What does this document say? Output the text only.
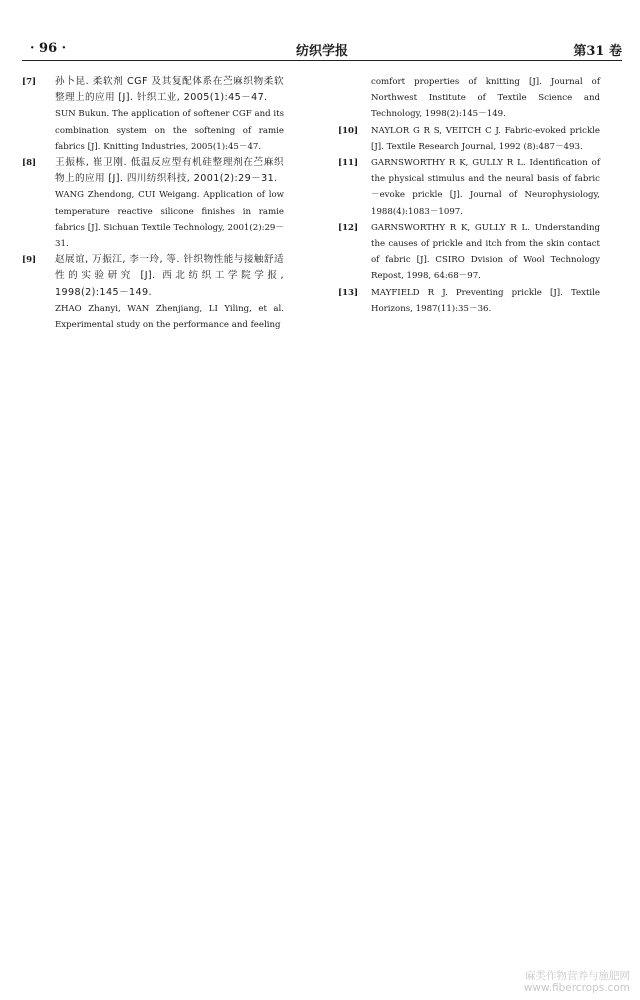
· 96 ·	纺织学报	第31 卷
[7]	孙卜昆. 柔软剂 CGF 及其复配体系在苎麻织物柔软整理上的应用 [J]. 针织工业, 2005(1):45－47.
SUN Bukun. The application of softener CGF and its combination system on the softening of ramie fabrics [J]. Knitting Industries, 2005(1):45－47.
[8]	王振栋, 崔卫刚. 低温反应型有机硅整理剂在苎麻织物上的应用 [J]. 四川纺织科技, 2001(2):29－31.
WANG Zhendong, CUI Weigang. Application of low temperature reactive silicone finishes in ramie fabrics [J]. Sichuan Textile Technology, 2001(2):29－31.
[9]	赵展谊, 万振江, 李一玲, 等. 针织物性能与接触舒适性的实验研究 [J]. 西北纺织工学院学报, 1998(2):145－149.
ZHAO Zhanyi, WAN Zhenjiang, LI Yiling, et al. Experimental study on the performance and feeling
comfort properties of knitting [J]. Journal of Northwest Institute of Textile Science and Technology, 1998(2):145－149.
[10]	NAYLOR G R S, VEITCH C J. Fabric-evoked prickle [J]. Textile Research Journal, 1992 (8):487－493.
[11]	GARNSWORTHY R K, GULLY R L. Identification of the physical stimulus and the neural basis of fabric－evoke prickle [J]. Journal of Neurophysiology, 1988(4):1083－1097.
[12]	GARNSWORTHY R K, GULLY R L. Understanding the causes of prickle and itch from the skin contact of fabric [J]. CSIRO Dvision of Wool Technology Repost, 1998, 64:68－97.
[13]	MAYFIELD R J. Preventing prickle [J]. Textile Horizons, 1987(11):35－36.
麻类作物营养与施肥网
www.fibercrops.com
